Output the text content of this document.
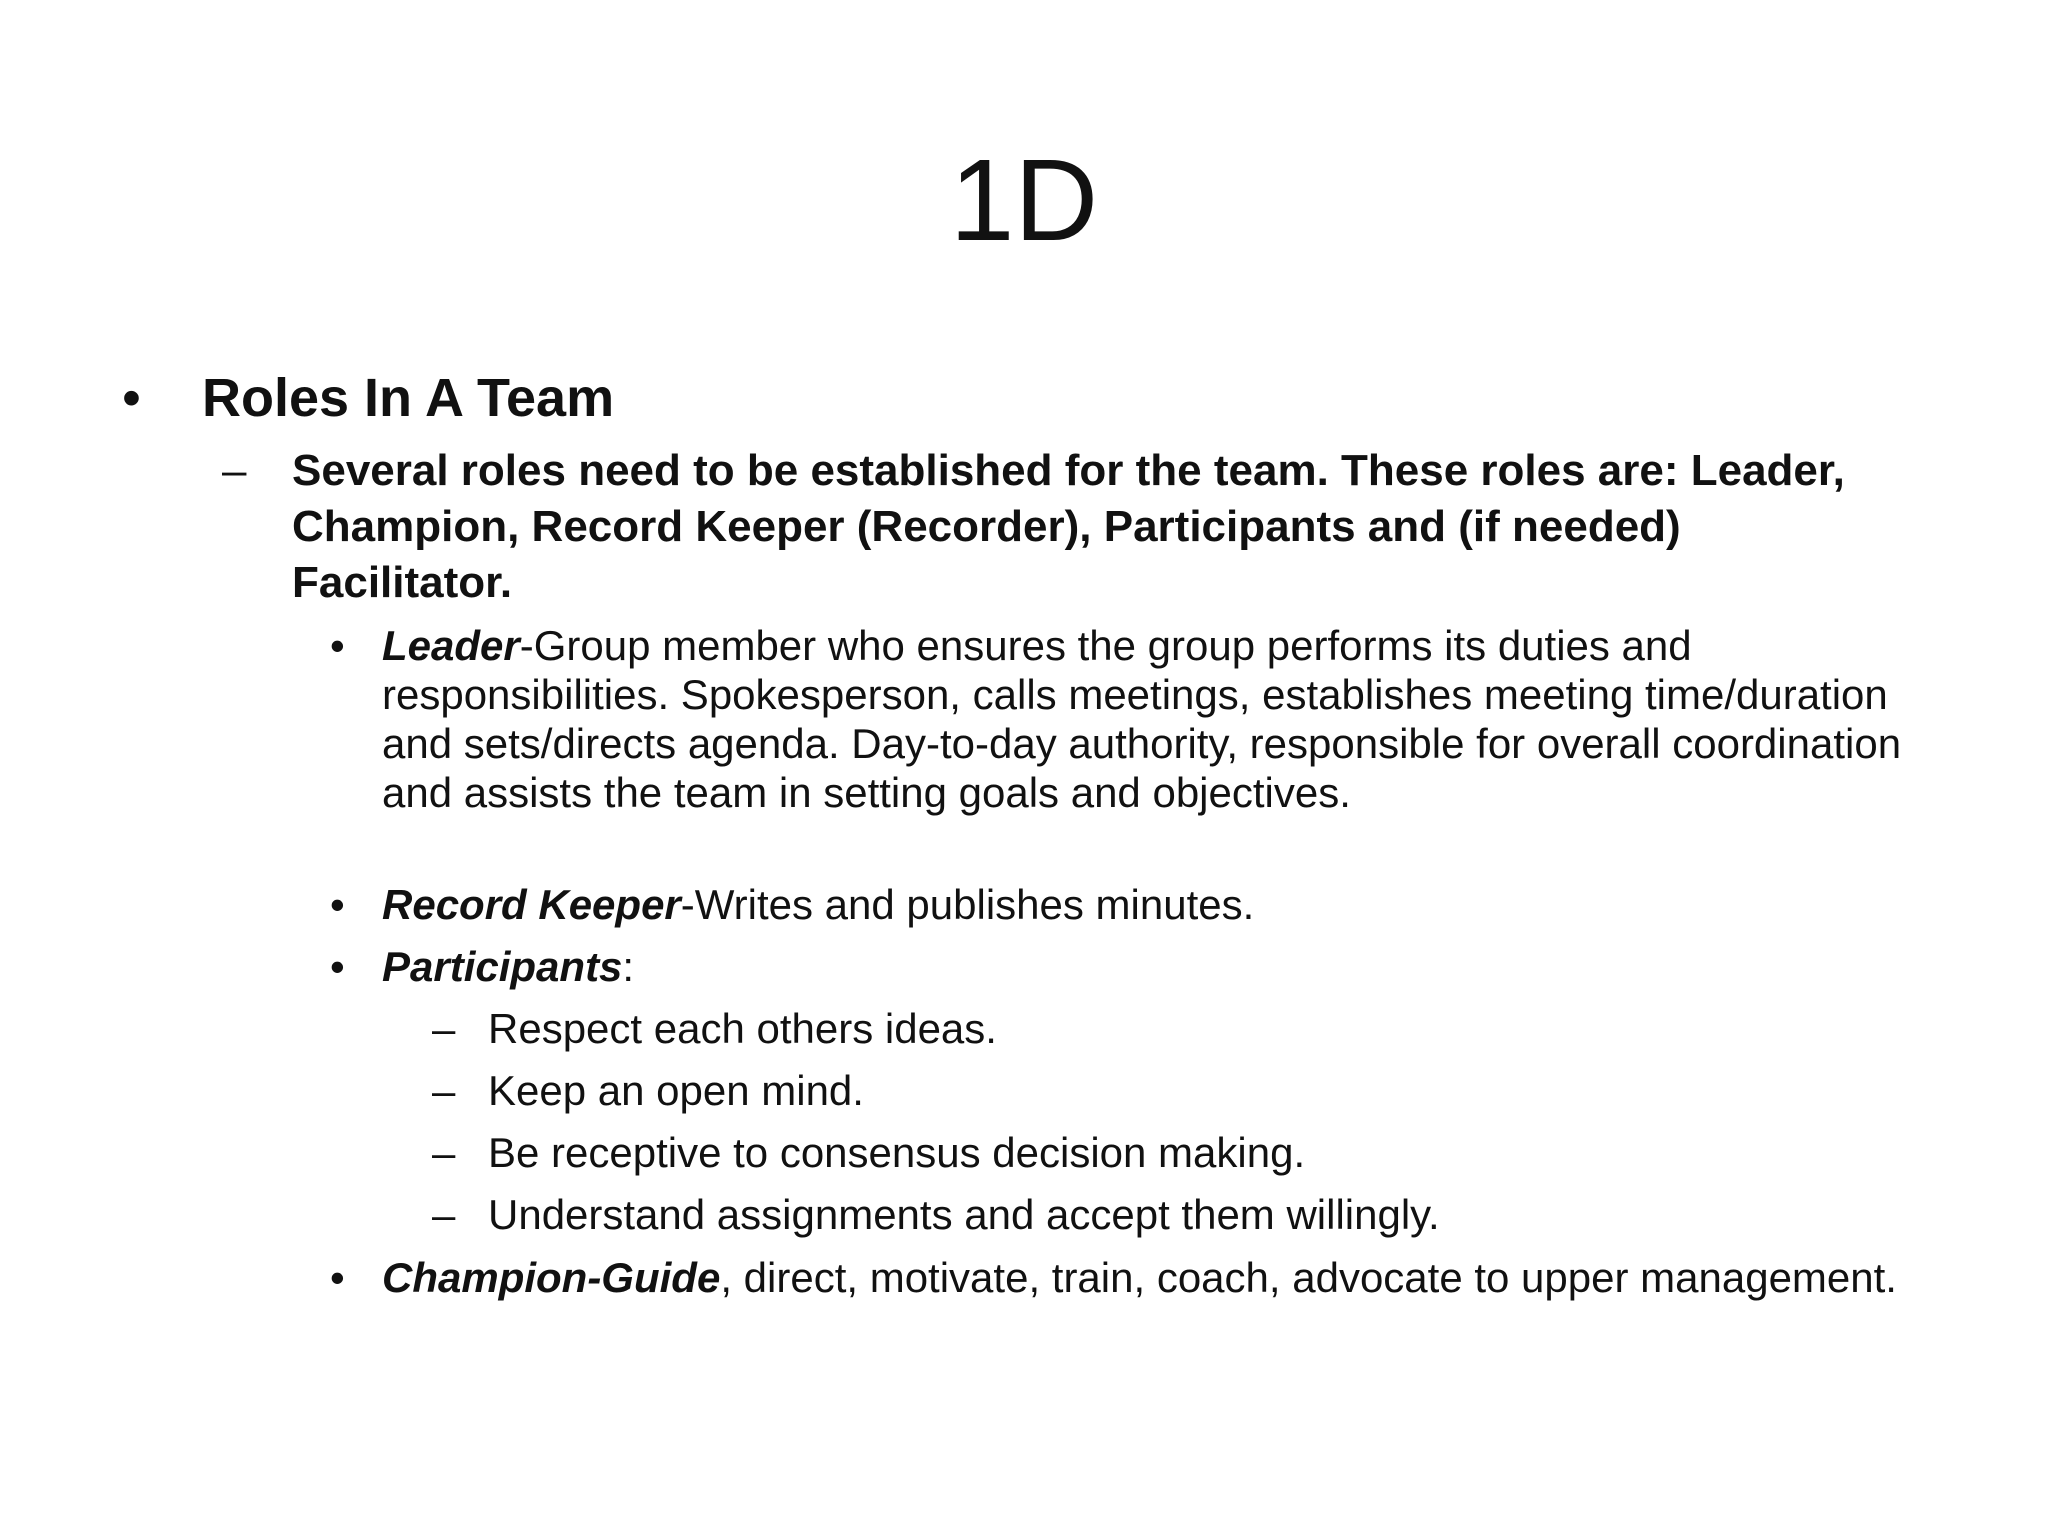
1D
•	Roles In A Team
–	Several roles need to be established for the team. These roles are: Leader, Champion, Record Keeper (Recorder), Participants and (if needed) Facilitator.
• Leader-Group member who ensures the group performs its duties and responsibilities. Spokesperson, calls meetings, establishes meeting time/duration and sets/directs agenda. Day-to-day authority, responsible for overall coordination and assists the team in setting goals and objectives.
• Record Keeper-Writes and publishes minutes.
• Participants:
– Respect each others ideas.
– Keep an open mind.
– Be receptive to consensus decision making.
– Understand assignments and accept them willingly.
• Champion-Guide, direct, motivate, train, coach, advocate to upper management.
